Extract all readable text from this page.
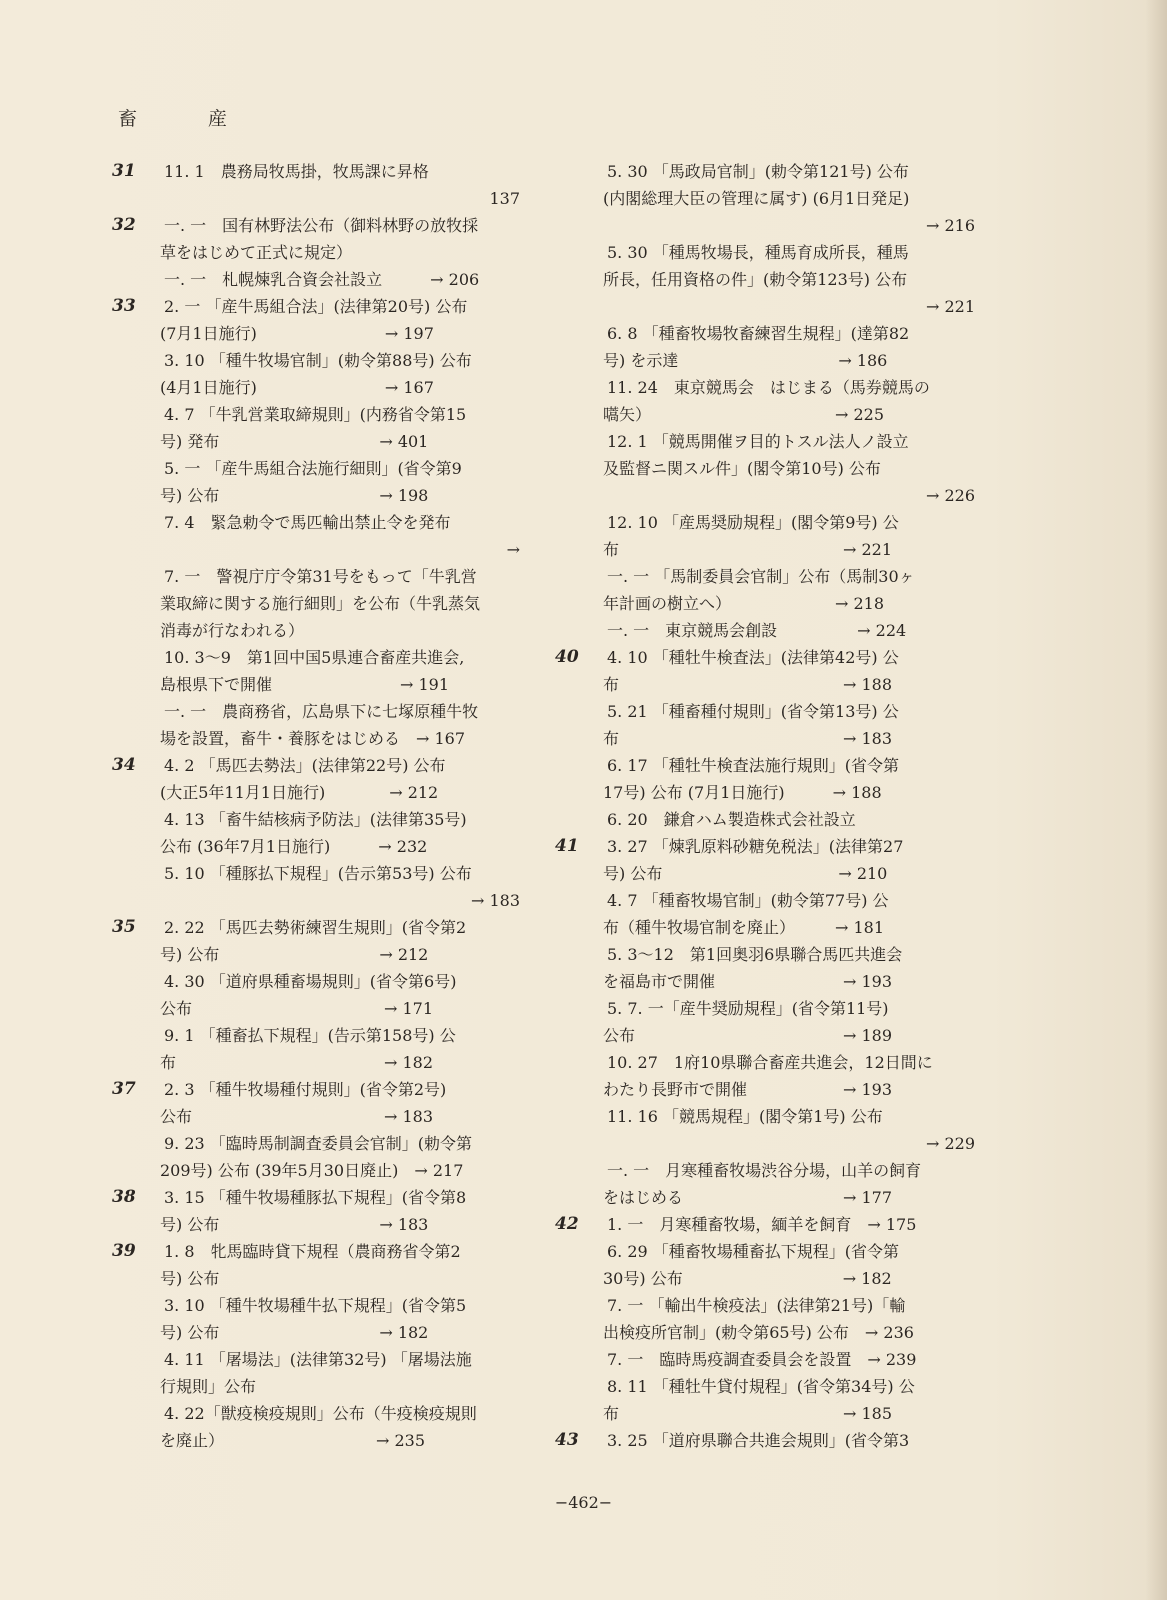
畜　産
31 11. 1　農務局牧馬掛，牧馬課に昇格
137
32 一. 一　国有林野法公布（御料林野の放牧採
草をはじめて正式に規定）
一. 一　札幌煉乳合資会社設立　　　→ 206
33 2. 一 「産牛馬組合法」(法律第20号) 公布
(7月1日施行)　　　　　　　　→ 197
3. 10 「種牛牧場官制」(勅令第88号) 公布
(4月1日施行)　　　　　　　　→ 167
4. 7 「牛乳営業取締規則」(内務省令第15
号) 発布　　　　　　　　　　→ 401
5. 一 「産牛馬組合法施行細則」(省令第9
号) 公布　　　　　　　　　　→ 198
7. 4　緊急勅令で馬匹輸出禁止令を発布
→
7. 一　警視庁庁令第31号をもって「牛乳営
業取締に関する施行細則」を公布（牛乳蒸気
消毒が行なわれる）
10. 3～9　第1回中国5県連合畜産共進会,
島根県下で開催　　　　　　　　→ 191
一. 一　農商務省，広島県下に七塚原種牛牧
場を設置，畜牛・養豚をはじめる　→ 167
34 4. 2 「馬匹去勢法」(法律第22号) 公布
(大正5年11月1日施行)　　　　→ 212
4. 13 「畜牛結核病予防法」(法律第35号)
公布 (36年7月1日施行)　　　→ 232
5. 10 「種豚払下規程」(告示第53号) 公布
→ 183
35 2. 22 「馬匹去勢術練習生規則」(省令第2
号) 公布　　　　　　　　　　→ 212
4. 30 「道府県種畜場規則」(省令第6号)
公布　　　　　　　　　　　　→ 171
9. 1 「種畜払下規程」(告示第158号) 公
布　　　　　　　　　　　　　→ 182
37 2. 3 「種牛牧場種付規則」(省令第2号)
公布　　　　　　　　　　　　→ 183
9. 23 「臨時馬制調査委員会官制」(勅令第
209号) 公布 (39年5月30日廃止)　→ 217
38 3. 15 「種牛牧場種豚払下規程」(省令第8
号) 公布　　　　　　　　　　→ 183
39 1. 8　牝馬臨時貸下規程（農商務省令第2
号) 公布
3. 10 「種牛牧場種牛払下規程」(省令第5
号) 公布　　　　　　　　　　→ 182
4. 11 「屠場法」(法律第32号) 「屠場法施
行規則」公布
4. 22「獣疫検疫規則」公布（牛疫検疫規則
を廃止）　　　　　　　　　　→ 235
5. 30 「馬政局官制」(勅令第121号) 公布
(内閣総理大臣の管理に属す) (6月1日発足)
→ 216
5. 30 「種馬牧場長，種馬育成所長，種馬
所長，任用資格の件」(勅令第123号) 公布
→ 221
6. 8 「種畜牧場牧畜練習生規程」(達第82
号) を示達　　　　　　　　　　→ 186
11. 24　東京競馬会　はじまる（馬券競馬の
嚆矢）　　　　　　　　　　　　→ 225
12. 1 「競馬開催ヲ目的トスル法人ノ設立
及監督ニ関スル件」(閣令第10号) 公布
→ 226
12. 10 「産馬奨励規程」(閣令第9号) 公
布　　　　　　　　　　　　　　→ 221
一. 一 「馬制委員会官制」公布（馬制30ヶ
年計画の樹立へ）　　　　　　　→ 218
一. 一　東京競馬会創設　　　　　→ 224
40 4. 10 「種牡牛検査法」(法律第42号) 公
布　　　　　　　　　　　　　　→ 188
5. 21 「種畜種付規則」(省令第13号) 公
布　　　　　　　　　　　　　　→ 183
6. 17 「種牡牛検査法施行規則」(省令第
17号) 公布 (7月1日施行)　　　→ 188
6. 20　鎌倉ハム製造株式会社設立
41 3. 27 「煉乳原料砂糖免税法」(法律第27
号) 公布　　　　　　　　　　　→ 210
4. 7 「種畜牧場官制」(勅令第77号) 公
布（種牛牧場官制を廃止）　　　→ 181
5. 3～12　第1回奥羽6県聯合馬匹共進会
を福島市で開催　　　　　　　　→ 193
5. 7. 一「産牛奨励規程」(省令第11号)
公布　　　　　　　　　　　　　→ 189
10. 27　1府10県聯合畜産共進会，12日間に
わたり長野市で開催　　　　　　→ 193
11. 16 「競馬規程」(閣令第1号) 公布
→ 229
一. 一　月寒種畜牧場渋谷分場，山羊の飼育
をはじめる　　　　　　　　　　→ 177
42 1. 一　月寒種畜牧場，緬羊を飼育　→ 175
6. 29 「種畜牧場種畜払下規程」(省令第
30号) 公布　　　　　　　　　　→ 182
7. 一 「輸出牛検疫法」(法律第21号)「輸
出検疫所官制」(勅令第65号) 公布　→ 236
7. 一　臨時馬疫調査委員会を設置　→ 239
8. 11 「種牡牛貸付規程」(省令第34号) 公
布　　　　　　　　　　　　　　→ 185
43 3. 25 「道府県聯合共進会規則」(省令第3
−462−
